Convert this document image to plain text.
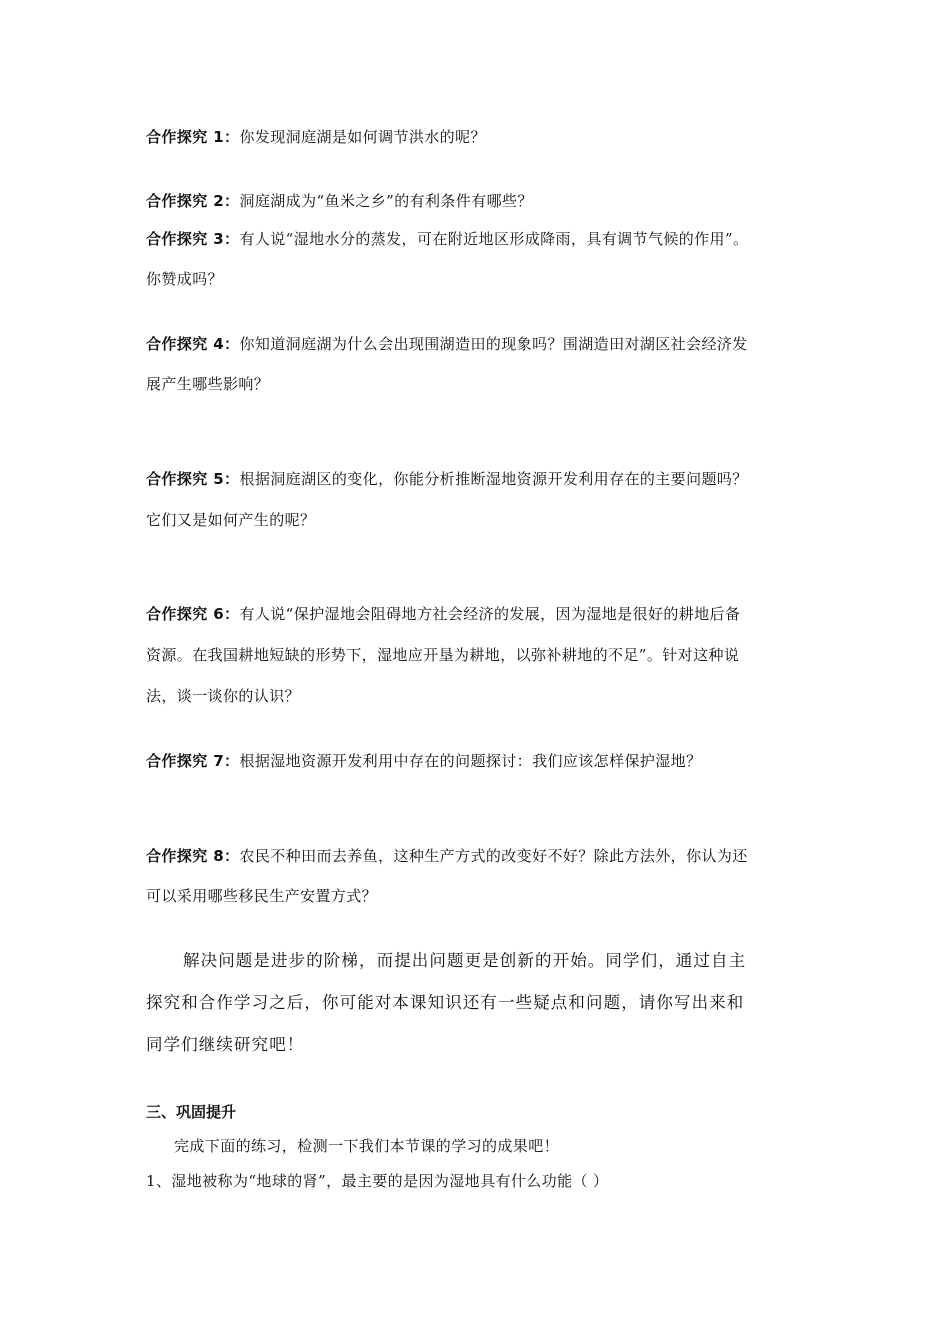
合作探究 1：你发现洞庭湖是如何调节洪水的呢？
合作探究 2：洞庭湖成为“鱼米之乡”的有利条件有哪些？
合作探究 3：有人说“湿地水分的蒸发，可在附近地区形成降雨，具有调节气候的作用”。
你赞成吗？
合作探究 4：你知道洞庭湖为什么会出现围湖造田的现象吗？围湖造田对湖区社会经济发
展产生哪些影响？
合作探究 5：根据洞庭湖区的变化，你能分析推断湿地资源开发利用存在的主要问题吗？
它们又是如何产生的呢？
合作探究 6：有人说“保护湿地会阻碍地方社会经济的发展，因为湿地是很好的耕地后备
资源。在我国耕地短缺的形势下，湿地应开垦为耕地，以弥补耕地的不足”。针对这种说
法，谈一谈你的认识？
合作探究 7：根据湿地资源开发利用中存在的问题探讨：我们应该怎样保护湿地？
合作探究 8：农民不种田而去养鱼，这种生产方式的改变好不好？除此方法外，你认为还
可以采用哪些移民生产安置方式？
解决问题是进步的阶梯，而提出问题更是创新的开始。同学们，通过自主
探究和合作学习之后，你可能对本课知识还有一些疑点和问题，请你写出来和
同学们继续研究吧！
三、巩固提升
完成下面的练习，检测一下我们本节课的学习的成果吧！
1、湿地被称为“地球的肾”，最主要的是因为湿地具有什么功能（ ）
